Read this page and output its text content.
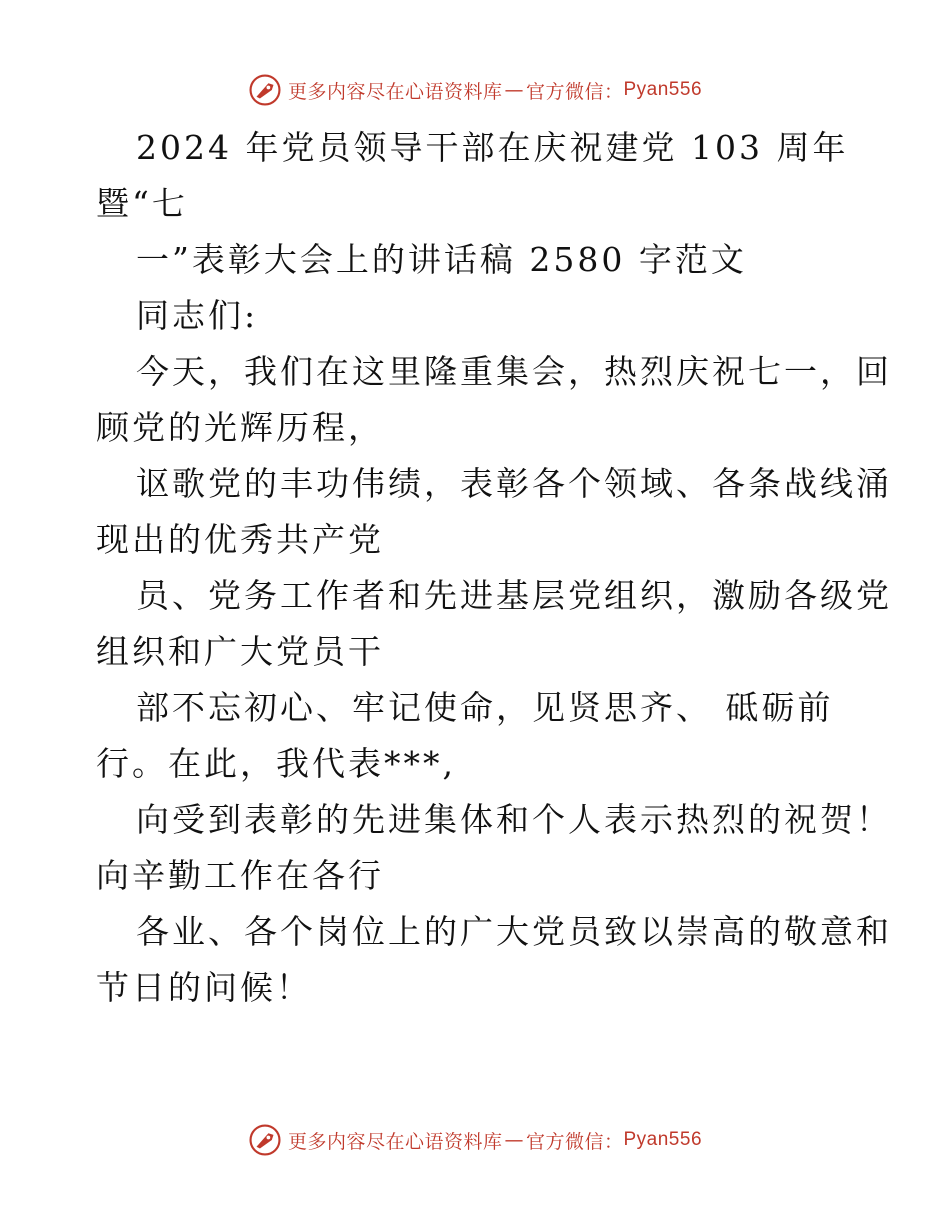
更多内容尽在心语资料库 — 官方微信： Pyan556
2024 年党员领导干部在庆祝建党 103 周年
暨“七
一”表彰大会上的讲话稿 2580 字范文
同志们:
今天，我们在这里隆重集会，热烈庆祝七一，回
顾党的光辉历程，
讴歌党的丰功伟绩，表彰各个领域、各条战线涌
现出的优秀共产党
员、党务工作者和先进基层党组织，激励各级党
组织和广大党员干
部不忘初心、牢记使命，见贤思齐、 砥砺前
行。在此，我代表***,
向受到表彰的先进集体和个人表示热烈的祝贺！
向辛勤工作在各行
各业、各个岗位上的广大党员致以崇高的敬意和
节日的问候！
更多内容尽在心语资料库 — 官方微信： Pyan556
